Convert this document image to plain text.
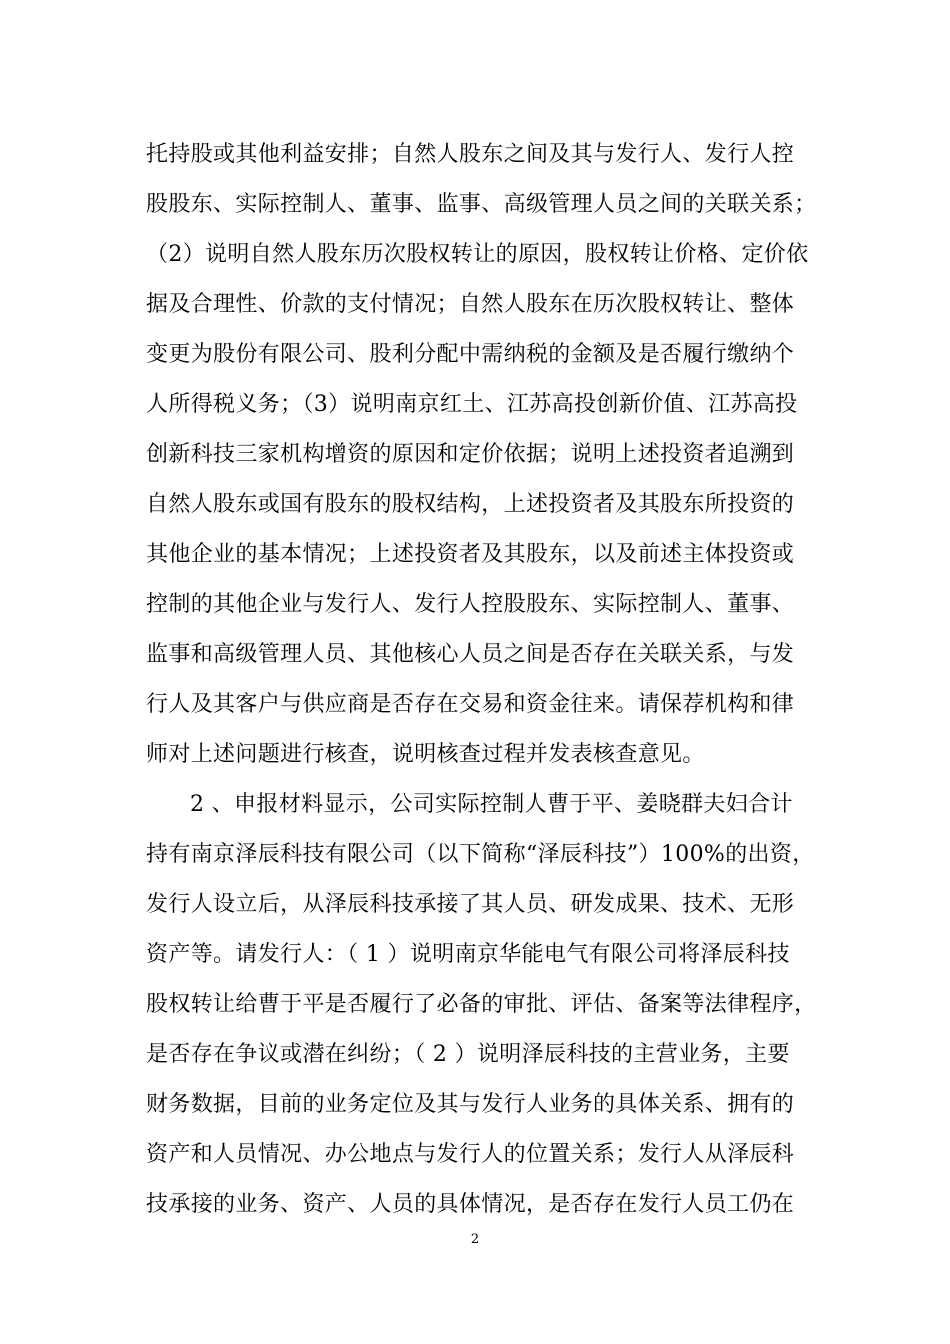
托持股或其他利益安排；自然人股东之间及其与发行人、发行人控
股股东、实际控制人、董事、监事、高级管理人员之间的关联关系；
（2）说明自然人股东历次股权转让的原因，股权转让价格、定价依
据及合理性、价款的支付情况；自然人股东在历次股权转让、整体
变更为股份有限公司、股利分配中需纳税的金额及是否履行缴纳个
人所得税义务；（3）说明南京红土、江苏高投创新价值、江苏高投
创新科技三家机构增资的原因和定价依据；说明上述投资者追溯到
自然人股东或国有股东的股权结构，上述投资者及其股东所投资的
其他企业的基本情况；上述投资者及其股东，以及前述主体投资或
控制的其他企业与发行人、发行人控股股东、实际控制人、董事、
监事和高级管理人员、其他核心人员之间是否存在关联关系，与发
行人及其客户与供应商是否存在交易和资金往来。请保荐机构和律
师对上述问题进行核查，说明核查过程并发表核查意见。
2 、申报材料显示，公司实际控制人曹于平、姜晓群夫妇合计
持有南京泽辰科技有限公司（以下简称“泽辰科技”）100%的出资，
发行人设立后，从泽辰科技承接了其人员、研发成果、技术、无形
资产等。请发行人：（ 1 ）说明南京华能电气有限公司将泽辰科技
股权转让给曹于平是否履行了必备的审批、评估、备案等法律程序，
是否存在争议或潜在纠纷；（ 2 ）说明泽辰科技的主营业务，主要
财务数据，目前的业务定位及其与发行人业务的具体关系、拥有的
资产和人员情况、办公地点与发行人的位置关系；发行人从泽辰科
技承接的业务、资产、人员的具体情况，是否存在发行人员工仍在
2
